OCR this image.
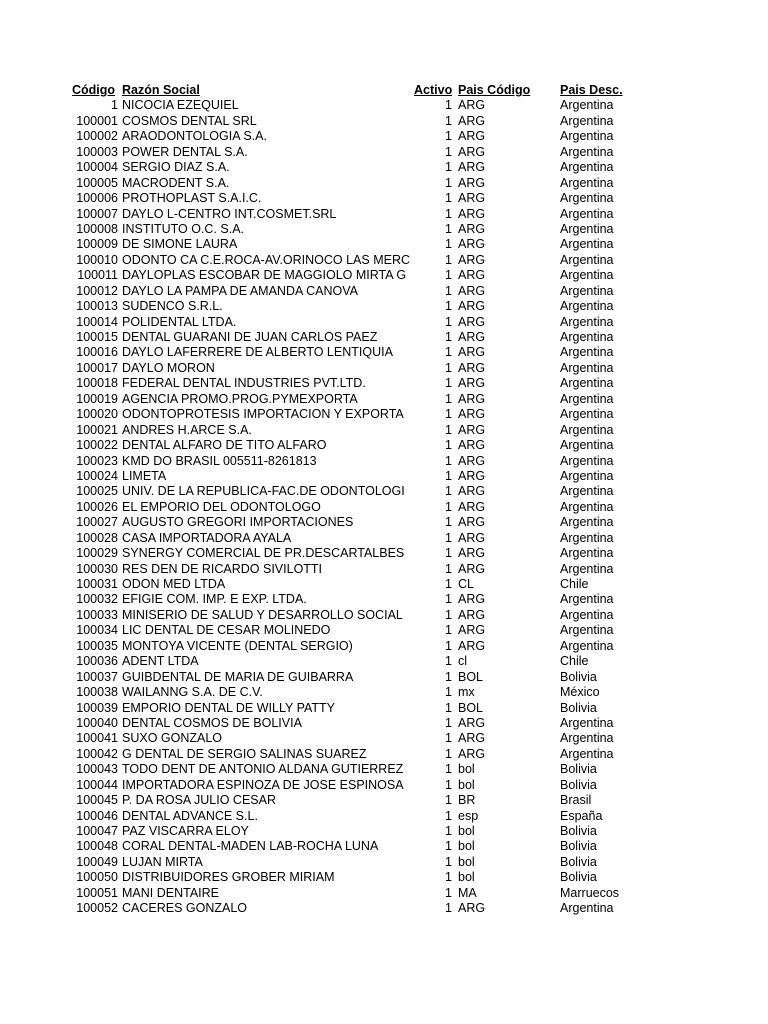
Código Razón Social	Activo Pais Código	Pais Desc.
1 NICOCIA EZEQUIEL	1 ARG	Argentina
100001 COSMOS DENTAL SRL	1 ARG	Argentina
100002 ARAODONTOLOGIA S.A.	1 ARG	Argentina
100003 POWER DENTAL S.A.	1 ARG	Argentina
100004 SERGIO DIAZ S.A.	1 ARG	Argentina
100005 MACRODENT S.A.	1 ARG	Argentina
100006 PROTHOPLAST S.A.I.C.	1 ARG	Argentina
100007 DAYLO L-CENTRO INT.COSMET.SRL	1 ARG	Argentina
100008 INSTITUTO O.C. S.A.	1 ARG	Argentina
100009 DE SIMONE LAURA	1 ARG	Argentina
100010 ODONTO CA C.E.ROCA-AV.ORINOCO LAS MERC	1 ARG	Argentina
100011 DAYLOPLAS ESCOBAR DE MAGGIOLO MIRTA G	1 ARG	Argentina
100012 DAYLO LA PAMPA DE AMANDA CANOVA	1 ARG	Argentina
100013 SUDENCO S.R.L.	1 ARG	Argentina
100014 POLIDENTAL LTDA.	1 ARG	Argentina
100015 DENTAL GUARANI DE JUAN CARLOS PAEZ	1 ARG	Argentina
100016 DAYLO LAFERRERE DE ALBERTO LENTIQUIA	1 ARG	Argentina
100017 DAYLO MORON	1 ARG	Argentina
100018 FEDERAL DENTAL INDUSTRIES PVT.LTD.	1 ARG	Argentina
100019 AGENCIA PROMO.PROG.PYMEXPORTA	1 ARG	Argentina
100020 ODONTOPROTESIS IMPORTACION Y EXPORTA	1 ARG	Argentina
100021 ANDRES H.ARCE S.A.	1 ARG	Argentina
100022 DENTAL ALFARO DE TITO ALFARO	1 ARG	Argentina
100023 KMD DO BRASIL 005511-8261813	1 ARG	Argentina
100024 LIMETA	1 ARG	Argentina
100025 UNIV. DE LA REPUBLICA-FAC.DE ODONTOLOGI	1 ARG	Argentina
100026 EL EMPORIO DEL ODONTOLOGO	1 ARG	Argentina
100027 AUGUSTO GREGORI IMPORTACIONES	1 ARG	Argentina
100028 CASA IMPORTADORA AYALA	1 ARG	Argentina
100029 SYNERGY COMERCIAL DE PR.DESCARTALBES	1 ARG	Argentina
100030 RES DEN DE RICARDO SIVILOTTI	1 ARG	Argentina
100031 ODON MED LTDA	1 CL	Chile
100032 EFIGIE COM. IMP. E EXP. LTDA.	1 ARG	Argentina
100033 MINISERIO DE SALUD Y DESARROLLO SOCIAL	1 ARG	Argentina
100034 LIC DENTAL DE CESAR MOLINEDO	1 ARG	Argentina
100035 MONTOYA VICENTE (DENTAL SERGIO)	1 ARG	Argentina
100036 ADENT LTDA	1 cl	Chile
100037 GUIBDENTAL DE MARIA DE GUIBARRA	1 BOL	Bolivia
100038 WAILANNG S.A. DE C.V.	1 mx	México
100039 EMPORIO DENTAL DE WILLY PATTY	1 BOL	Bolivia
100040 DENTAL COSMOS DE BOLIVIA	1 ARG	Argentina
100041 SUXO GONZALO	1 ARG	Argentina
100042 G DENTAL DE SERGIO SALINAS SUAREZ	1 ARG	Argentina
100043 TODO DENT DE ANTONIO ALDANA GUTIERREZ	1 bol	Bolivia
100044 IMPORTADORA ESPINOZA DE JOSE ESPINOSA	1 bol	Bolivia
100045 P. DA ROSA JULIO CESAR	1 BR	Brasil
100046 DENTAL ADVANCE S.L.	1 esp	España
100047 PAZ VISCARRA ELOY	1 bol	Bolivia
100048 CORAL DENTAL-MADEN LAB-ROCHA LUNA	1 bol	Bolivia
100049 LUJAN MIRTA	1 bol	Bolivia
100050 DISTRIBUIDORES GROBER MIRIAM	1 bol	Bolivia
100051 MANI DENTAIRE	1 MA	Marruecos
100052 CACERES GONZALO	1 ARG	Argentina
